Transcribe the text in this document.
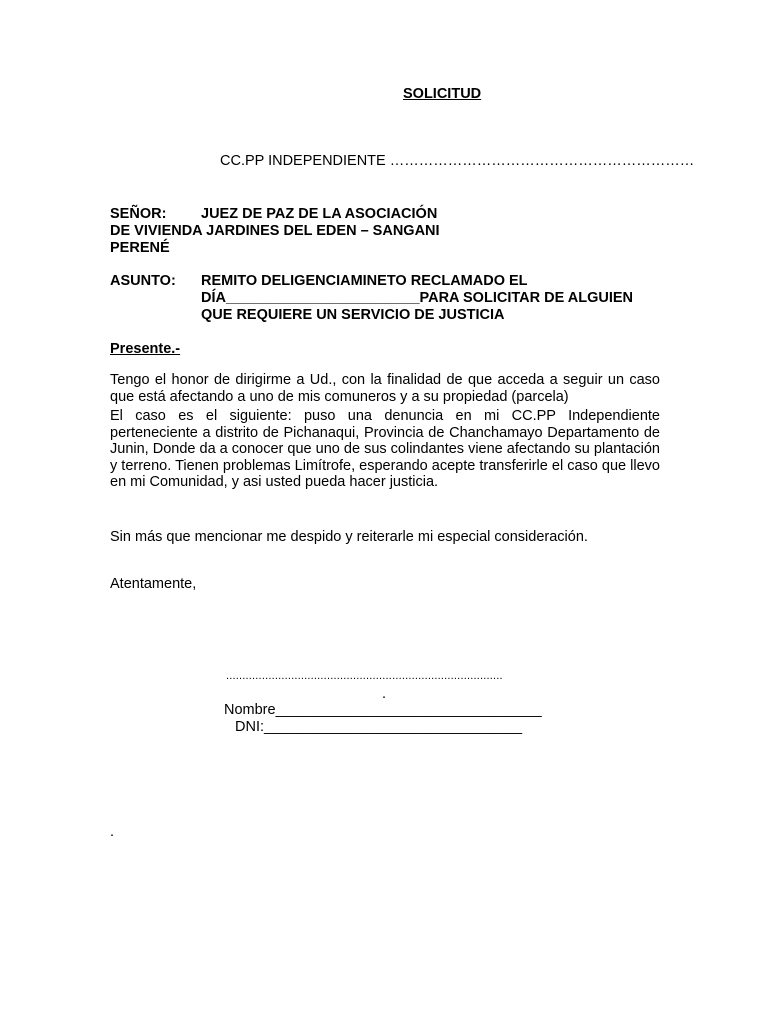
SOLICITUD
CC.PP INDEPENDIENTE ………………………………………………………
SEÑOR: JUEZ DE PAZ DE LA ASOCIACIÓN
DE VIVIENDA JARDINES DEL EDEN – SANGANI
PERENÉ
ASUNTO: REMITO DELIGENCIAMINETO RECLAMADO EL
DÍA________________________PARA SOLICITAR DE ALGUIEN
QUE REQUIERE UN SERVICIO DE JUSTICIA
Presente.-
Tengo el honor de dirigirme a Ud., con la finalidad de que acceda a seguir un caso que está afectando a uno de mis comuneros y a su propiedad (parcela)
El caso es el siguiente: puso una denuncia en mi CC.PP Independiente perteneciente a distrito de Pichanaqui, Provincia de Chanchamayo Departamento de Junin, Donde da a conocer que uno de sus colindantes viene afectando su plantación y terreno. Tienen problemas Limítrofe, esperando acepte transferirle el caso que llevo en mi Comunidad, y asi usted pueda hacer justicia.
Sin más que mencionar me despido y reiterarle mi especial consideración.
Atentamente,
.....................................................................................
.
Nombre_________________________________
DNI:________________________________
.
